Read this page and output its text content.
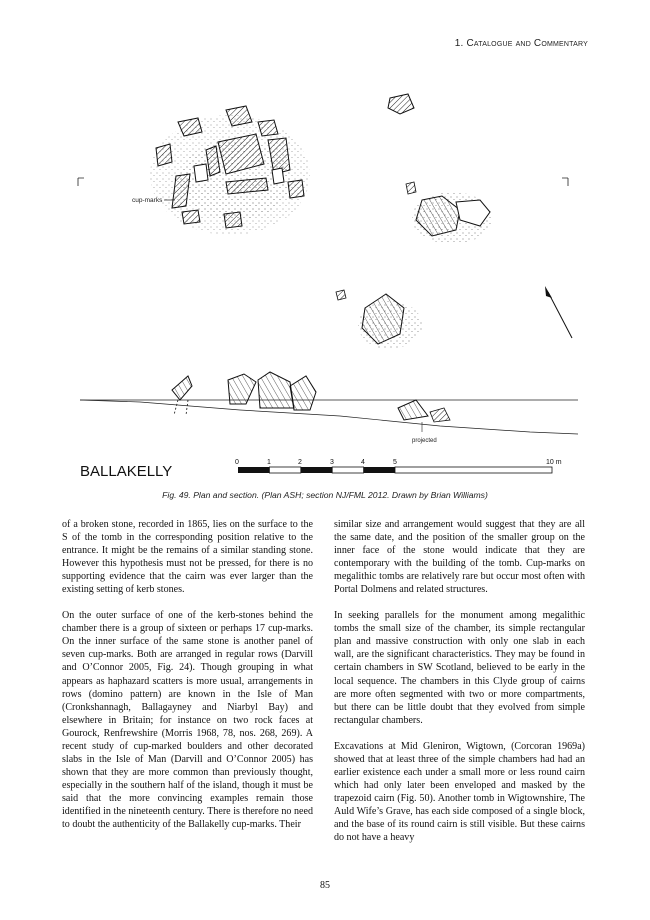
1. Catalogue and Commentary
cup-marks
projected
BALLAKELLY
0	1	2	3	4	5	10 m
Fig. 49. Plan and section. (Plan ASH; section NJ/FML 2012. Drawn by Brian Williams)

of a broken stone, recorded in 1865, lies on the surface to the S of the tomb in the corresponding position relative to the entrance. It might be the remains of a similar standing stone. However this hypothesis must not be pressed, for there is no supporting evidence that the cairn was ever larger than the existing setting of kerb stones.

On the outer surface of one of the kerb-stones behind the chamber there is a group of sixteen or perhaps 17 cup-marks. On the inner surface of the same stone is another panel of seven cup-marks. Both are arranged in regular rows (Darvill and O’Connor 2005, Fig. 24). Though grouping in what appears as haphazard scatters is more usual, arrangements in rows (domino pattern) are known in the Isle of Man (Cronkshannagh, Ballagayney and Niarbyl Bay) and elsewhere in Britain; for instance on two rock faces at Gourock, Renfrewshire (Morris 1968, 78, nos. 268, 269). A recent study of cup-marked boulders and other decorated slabs in the Isle of Man (Darvill and O’Connor 2005) has shown that they are more common than previously thought, especially in the southern half of the island, though it must be said that the more convincing examples remain those identified in the nineteenth century. There is therefore no need to doubt the authenticity of the Ballakelly cup-marks. Their

similar size and arrangement would suggest that they are all the same date, and the position of the smaller group on the inner face of the stone would indicate that they are contemporary with the building of the tomb. Cup-marks on megalithic tombs are relatively rare but occur most often with Portal Dolmens and related structures.

In seeking parallels for the monument among megalithic tombs the small size of the chamber, its simple rectangular plan and massive construction with only one slab in each wall, are the significant characteristics. They may be found in certain chambers in SW Scotland, believed to be early in the local sequence. The chambers in this Clyde group of cairns are more often segmented with two or more compartments, but there can be little doubt that they evolved from simple rectangular chambers.

Excavations at Mid Gleniron, Wigtown, (Corcoran 1969a) showed that at least three of the simple chambers had had an earlier existence each under a small more or less round cairn which had only later been enveloped and masked by the trapezoid cairn (Fig. 50). Another tomb in Wigtownshire, The Auld Wife’s Grave, has each side composed of a single block, and the base of its round cairn is still visible. But these cairns do not have a heavy

85
